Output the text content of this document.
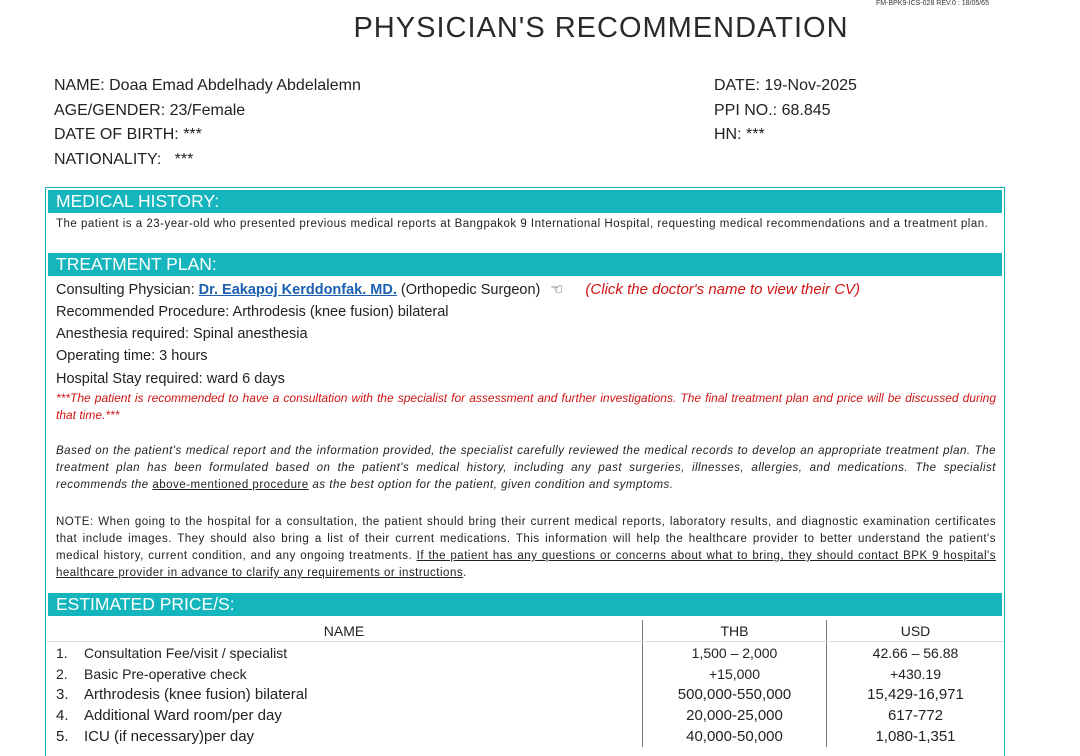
FM-BPK9-ICS-028 REV.0 : 18/05/65
PHYSICIAN'S RECOMMENDATION
NAME: Doaa Emad Abdelhady Abdelalemn
AGE/GENDER: 23/Female
DATE OF BIRTH: ***
NATIONALITY: ***
DATE: 19-Nov-2025
PPI NO.: 68.845
HN: ***
MEDICAL HISTORY:
The patient is a 23-year-old who presented previous medical reports at Bangpakok 9 International Hospital, requesting medical recommendations and a treatment plan.
TREATMENT PLAN:
Consulting Physician: Dr. Eakapoj Kerddonfak. MD. (Orthopedic Surgeon) ☜ (Click the doctor's name to view their CV)
Recommended Procedure: Arthrodesis (knee fusion) bilateral
Anesthesia required: Spinal anesthesia
Operating time: 3 hours
Hospital Stay required: ward 6 days
***The patient is recommended to have a consultation with the specialist for assessment and further investigations. The final treatment plan and price will be discussed during that time.***
Based on the patient's medical report and the information provided, the specialist carefully reviewed the medical records to develop an appropriate treatment plan. The treatment plan has been formulated based on the patient's medical history, including any past surgeries, illnesses, allergies, and medications. The specialist recommends the above-mentioned procedure as the best option for the patient, given condition and symptoms.
NOTE: When going to the hospital for a consultation, the patient should bring their current medical reports, laboratory results, and diagnostic examination certificates that include images. They should also bring a list of their current medications. This information will help the healthcare provider to better understand the patient's medical history, current condition, and any ongoing treatments. If the patient has any questions or concerns about what to bring, they should contact BPK 9 hospital's healthcare provider in advance to clarify any requirements or instructions.
ESTIMATED PRICE/S:
NAME	THB	USD
1. Consultation Fee/visit / specialist	1,500 – 2,000	42.66 – 56.88
2. Basic Pre-operative check	+15,000	+430.19
3. Arthrodesis (knee fusion) bilateral	500,000-550,000	15,429-16,971
4. Additional Ward room/per day	20,000-25,000	617-772
5. ICU (if necessary)per day	40,000-50,000	1,080-1,351
